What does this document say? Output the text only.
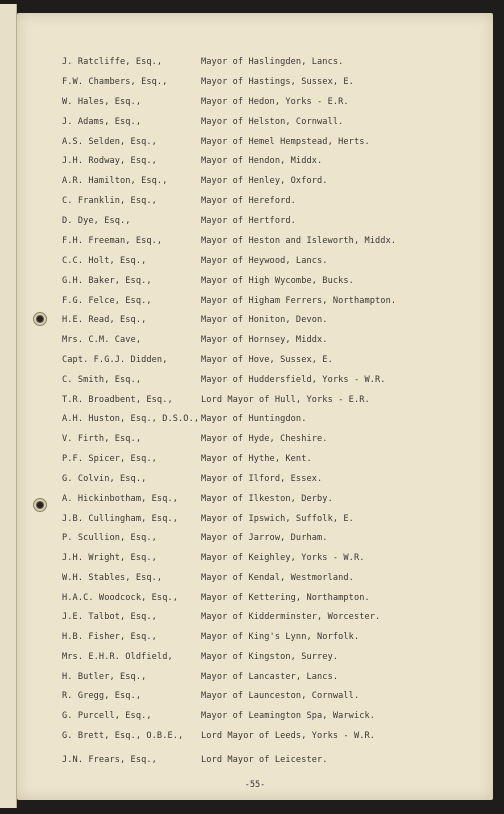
J. Ratcliffe, Esq.,	Mayor of Haslingden, Lancs.
F.W. Chambers, Esq.,	Mayor of Hastings, Sussex, E.
W. Hales, Esq.,	Mayor of Hedon, Yorks - E.R.
J. Adams, Esq.,	Mayor of Helston, Cornwall.
A.S. Selden, Esq.,	Mayor of Hemel Hempstead, Herts.
J.H. Rodway, Esq.,	Mayor of Hendon, Middx.
A.R. Hamilton, Esq.,	Mayor of Henley, Oxford.
C. Franklin, Esq.,	Mayor of Hereford.
D. Dye, Esq.,	Mayor of Hertford.
F.H. Freeman, Esq.,	Mayor of Heston and Isleworth, Middx.
C.C. Holt, Esq.,	Mayor of Heywood, Lancs.
G.H. Baker, Esq.,	Mayor of High Wycombe, Bucks.
F.G. Felce, Esq.,	Mayor of Higham Ferrers, Northampton.
H.E. Read, Esq.,	Mayor of Honiton, Devon.
Mrs. C.M. Cave,	Mayor of Hornsey, Middx.
Capt. F.G.J. Didden,	Mayor of Hove, Sussex, E.
C. Smith, Esq.,	Mayor of Huddersfield, Yorks - W.R.
T.R. Broadbent, Esq.,	Lord Mayor of Hull, Yorks - E.R.
A.H. Huston, Esq., D.S.O., Mayor of Huntingdon.
V. Firth, Esq.,	Mayor of Hyde, Cheshire.
P.F. Spicer, Esq.,	Mayor of Hythe, Kent.
G. Colvin, Esq.,	Mayor of Ilford, Essex.
A. Hickinbotham, Esq.,	Mayor of Ilkeston, Derby.
J.B. Cullingham, Esq.,	Mayor of Ipswich, Suffolk, E.
P. Scullion, Esq.,	Mayor of Jarrow, Durham.
J.H. Wright, Esq.,	Mayor of Keighley, Yorks - W.R.
W.H. Stables, Esq.,	Mayor of Kendal, Westmorland.
H.A.C. Woodcock, Esq.,	Mayor of Kettering, Northampton.
J.E. Talbot, Esq.,	Mayor of Kidderminster, Worcester.
H.B. Fisher, Esq.,	Mayor of King's Lynn, Norfolk.
Mrs. E.H.R. Oldfield,	Mayor of Kingston, Surrey.
H. Butler, Esq.,	Mayor of Lancaster, Lancs.
R. Gregg, Esq.,	Mayor of Launceston, Cornwall.
G. Purcell, Esq.,	Mayor of Leamington Spa, Warwick.
G. Brett, Esq., O.B.E., Lord Mayor of Leeds, Yorks - W.R.
J.N. Frears, Esq.,	Lord Mayor of Leicester.
-55-
